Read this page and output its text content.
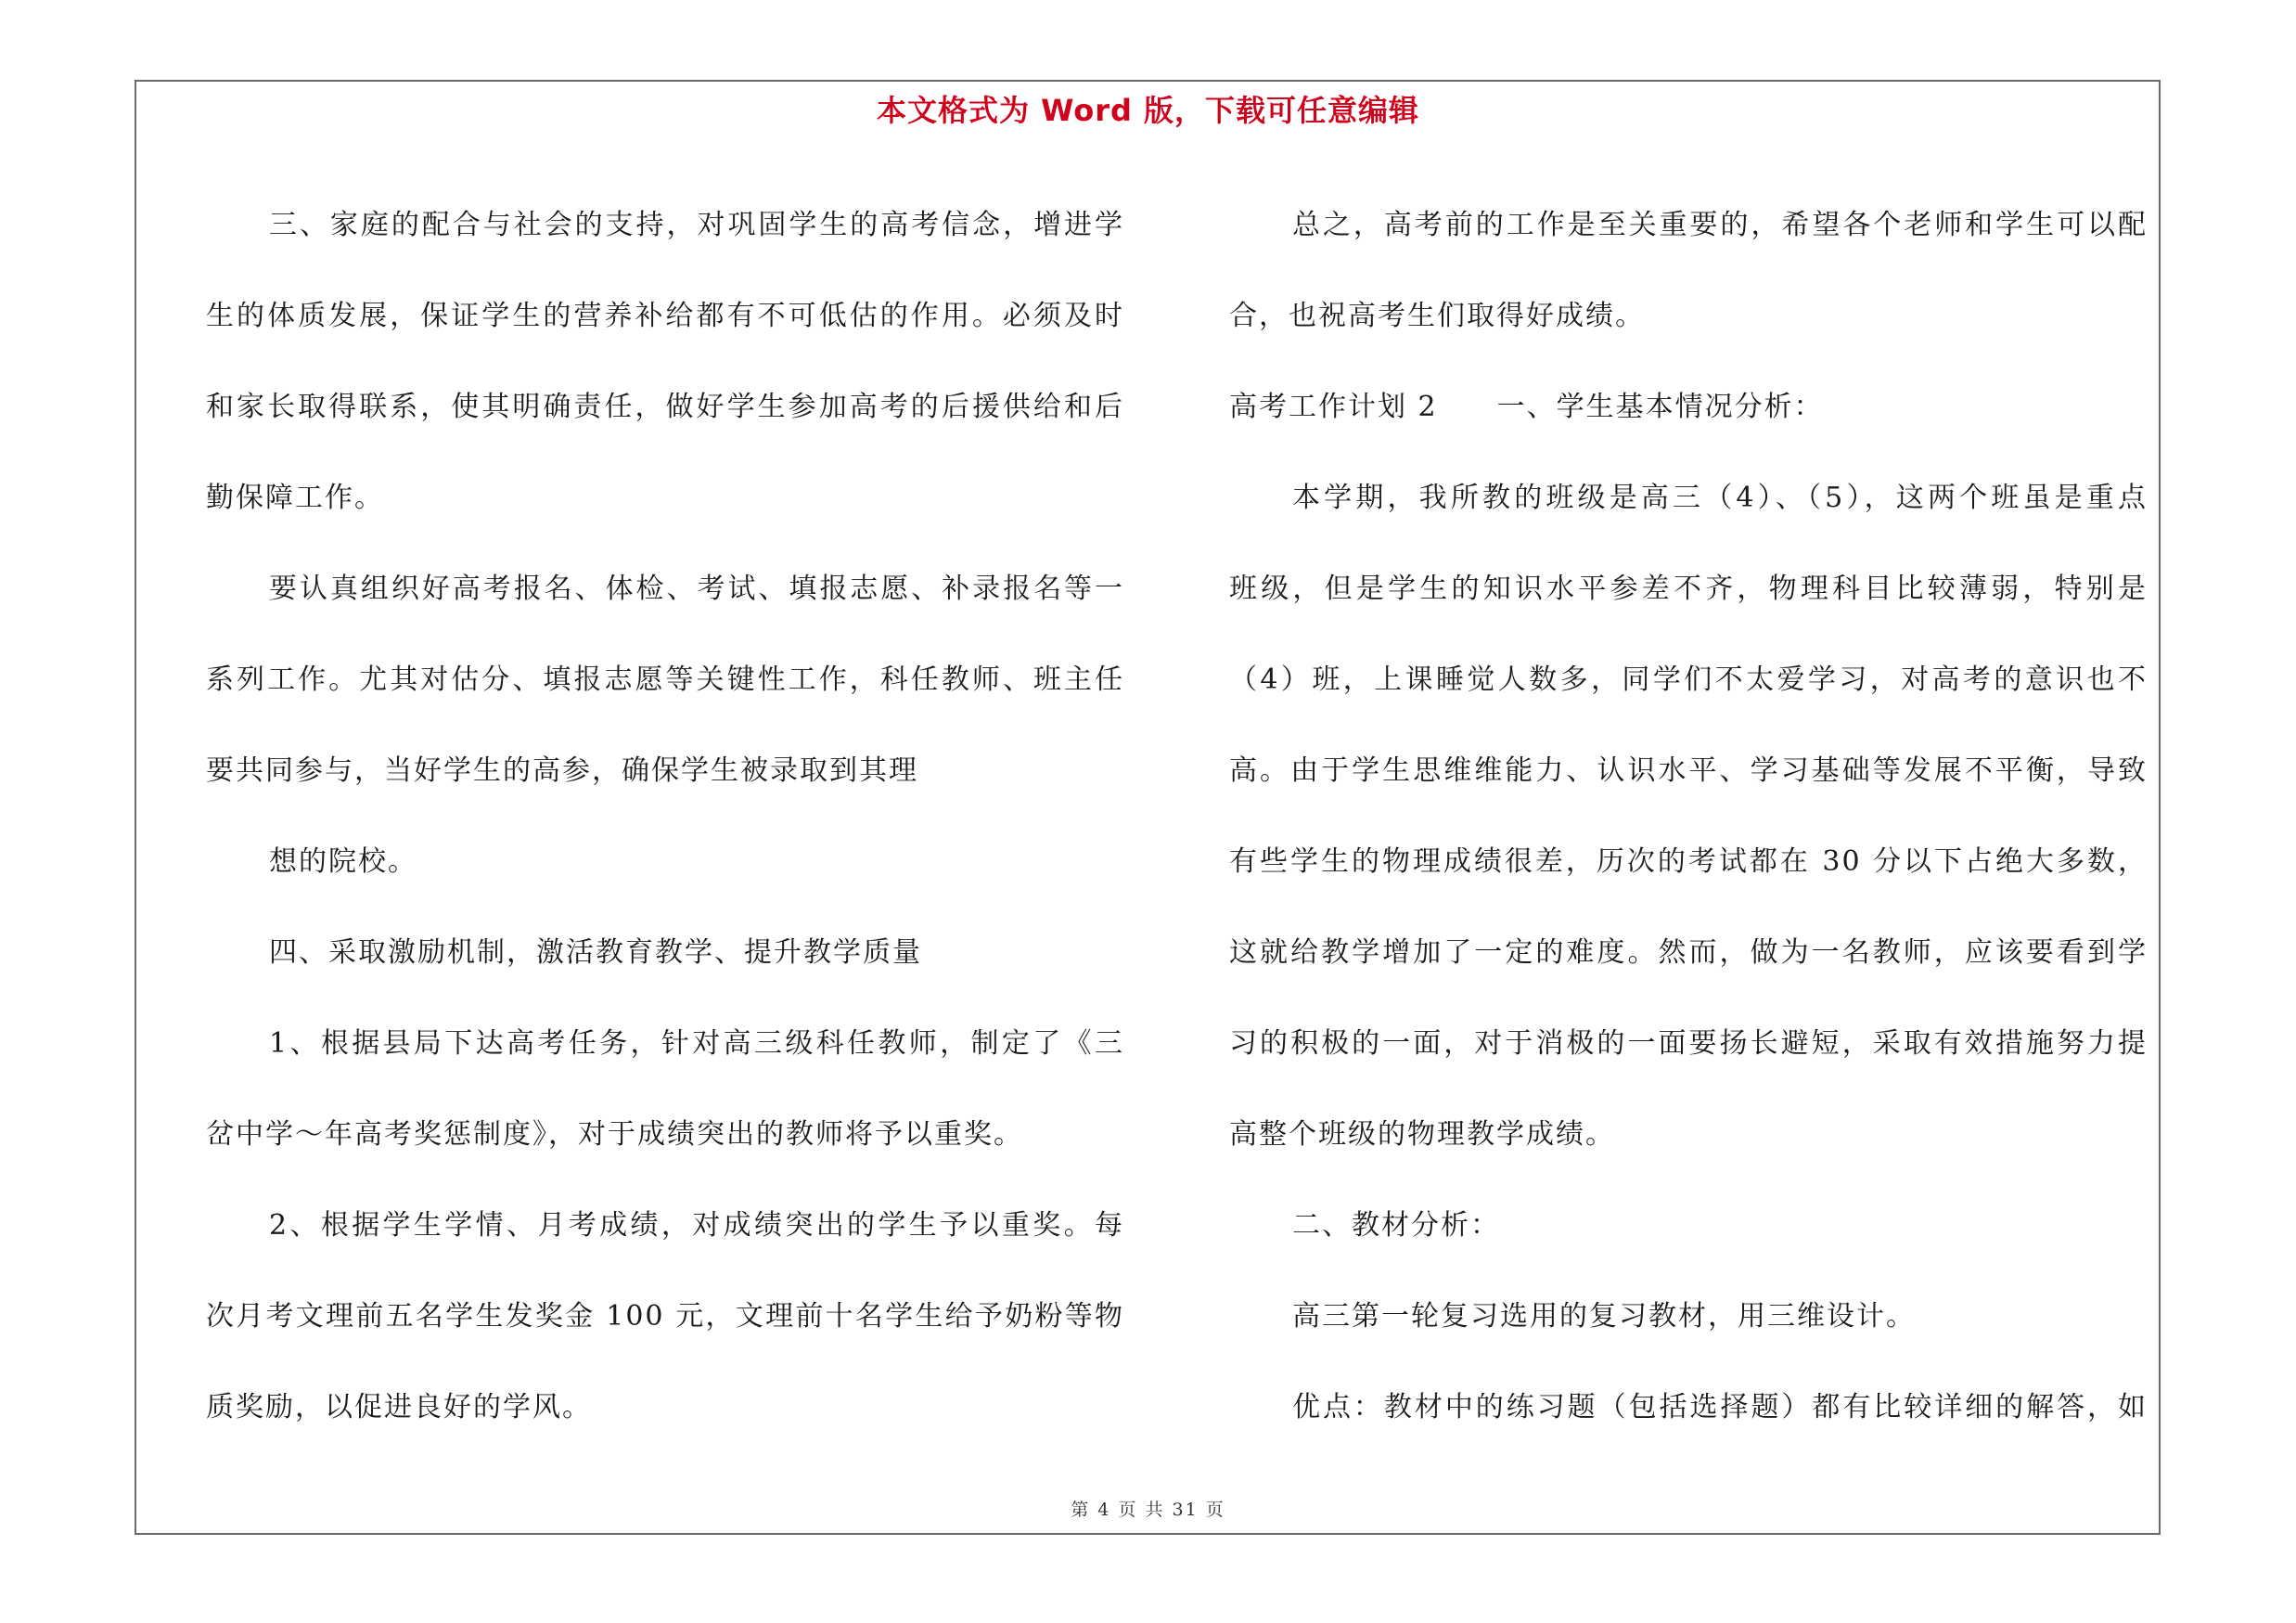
本文格式为 Word 版，下载可任意编辑

三、家庭的配合与社会的支持，对巩固学生的高考信念，增进学

生的体质发展，保证学生的营养补给都有不可低估的作用。必须及时

和家长取得联系，使其明确责任，做好学生参加高考的后援供给和后

勤保障工作。

要认真组织好高考报名、体检、考试、填报志愿、补录报名等一

系列工作。尤其对估分、填报志愿等关键性工作，科任教师、班主任

要共同参与，当好学生的高参，确保学生被录取到其理

想的院校。

四、采取激励机制，激活教育教学、提升教学质量

1、根据县局下达高考任务，针对高三级科任教师，制定了《三

岔中学～年高考奖惩制度》，对于成绩突出的教师将予以重奖。

2、根据学生学情、月考成绩，对成绩突出的学生予以重奖。每

次月考文理前五名学生发奖金 100 元，文理前十名学生给予奶粉等物

质奖励，以促进良好的学风。

总之，高考前的工作是至关重要的，希望各个老师和学生可以配

合，也祝高考生们取得好成绩。

高考工作计划 2　　一、学生基本情况分析：

本学期，我所教的班级是高三（4）、（5），这两个班虽是重点

班级，但是学生的知识水平参差不齐，物理科目比较薄弱，特别是

（4）班，上课睡觉人数多，同学们不太爱学习，对高考的意识也不

高。由于学生思维维能力、认识水平、学习基础等发展不平衡，导致

有些学生的物理成绩很差，历次的考试都在 30 分以下占绝大多数，

这就给教学增加了一定的难度。然而，做为一名教师，应该要看到学

习的积极的一面，对于消极的一面要扬长避短，采取有效措施努力提

高整个班级的物理教学成绩。

二、教材分析：

高三第一轮复习选用的复习教材，用三维设计。

优点：教材中的练习题（包括选择题）都有比较详细的解答，如

第 4 页 共 31 页
